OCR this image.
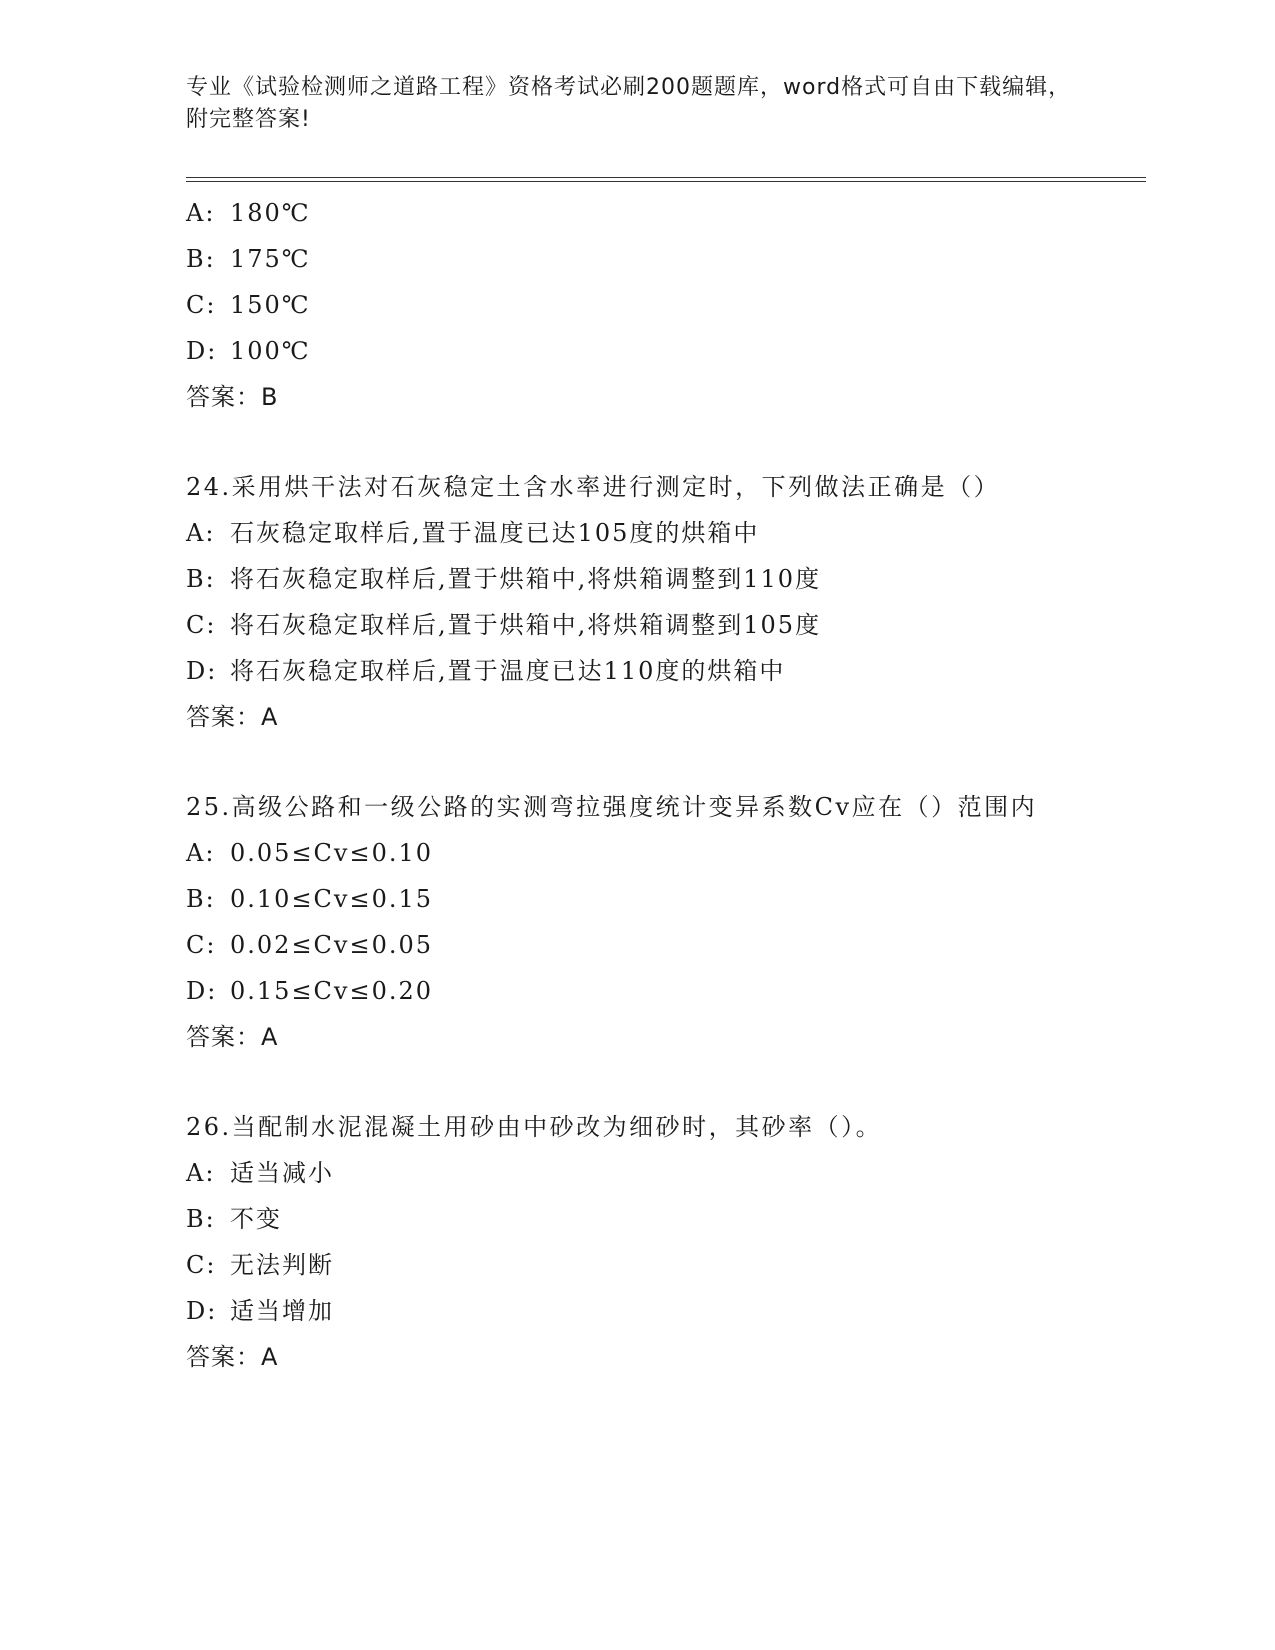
专业《试验检测师之道路工程》资格考试必刷200题题库，word格式可自由下载编辑，附完整答案!
A: 180℃
B: 175℃
C: 150℃
D: 100℃
答案：B
24.采用烘干法对石灰稳定土含水率进行测定时，下列做法正确是（）
A: 石灰稳定取样后,置于温度已达105度的烘箱中
B: 将石灰稳定取样后,置于烘箱中,将烘箱调整到110度
C: 将石灰稳定取样后,置于烘箱中,将烘箱调整到105度
D: 将石灰稳定取样后,置于温度已达110度的烘箱中
答案：A
25.高级公路和一级公路的实测弯拉强度统计变异系数Cv应在（）范围内
A: 0.05≤Cv≤0.10
B: 0.10≤Cv≤0.15
C: 0.02≤Cv≤0.05
D: 0.15≤Cv≤0.20
答案：A
26.当配制水泥混凝土用砂由中砂改为细砂时，其砂率（）。
A: 适当减小
B: 不变
C: 无法判断
D: 适当增加
答案：A
